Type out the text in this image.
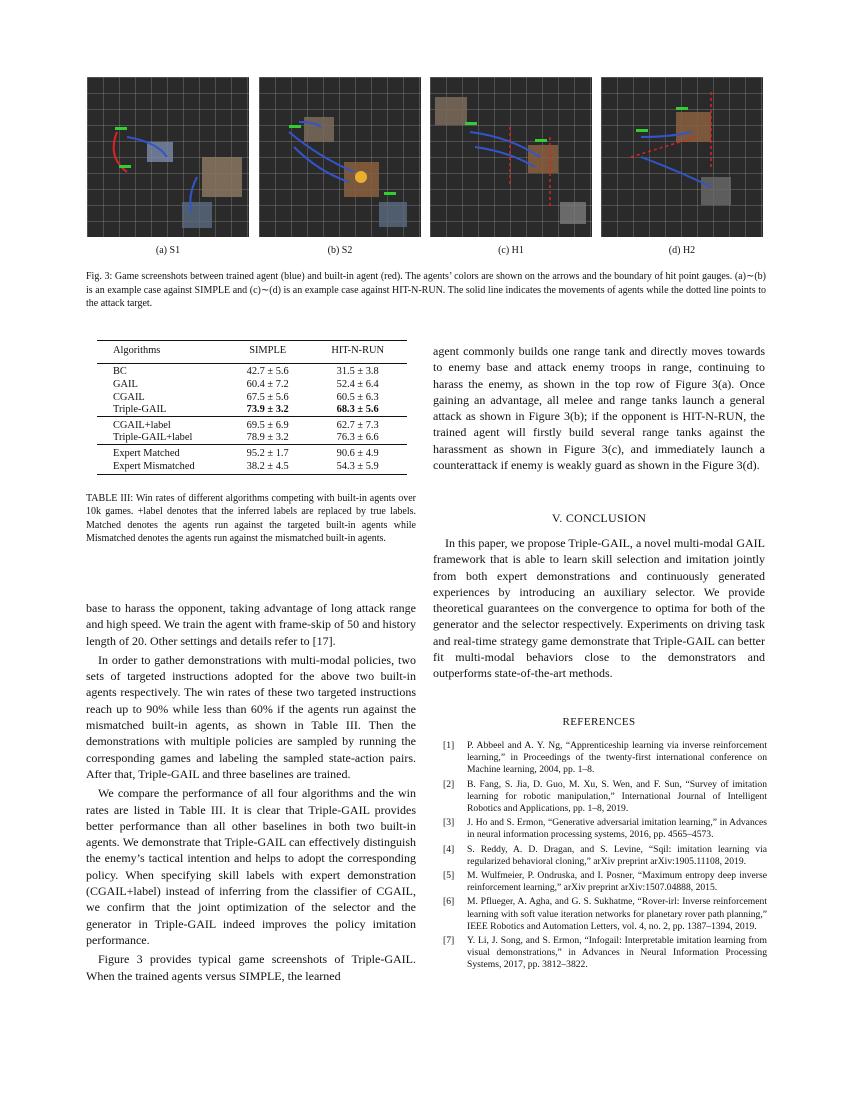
(a) S1	(b) S2	(c) H1	(d) H2
Fig. 3: Game screenshots between trained agent (blue) and built-in agent (red). The agents’ colors are shown on the arrows and the boundary of hit point gauges. (a)∼(b) is an example case against SIMPLE and (c)∼(d) is an example case against HIT-N-RUN. The solid line indicates the movements of agents while the dotted line points to the attack target.
Algorithms	SIMPLE	HIT-N-RUN
BC	42.7 ± 5.6	31.5 ± 3.8
GAIL	60.4 ± 7.2	52.4 ± 6.4
CGAIL	67.5 ± 5.6	60.5 ± 6.3
Triple-GAIL	73.9 ± 3.2	68.3 ± 5.6
CGAIL+label	69.5 ± 6.9	62.7 ± 7.3
Triple-GAIL+label	78.9 ± 3.2	76.3 ± 6.6
Expert Matched	95.2 ± 1.7	90.6 ± 4.9
Expert Mismatched	38.2 ± 4.5	54.3 ± 5.9
TABLE III: Win rates of different algorithms competing with built-in agents over 10k games. +label denotes that the inferred labels are replaced by true labels. Matched denotes the agents run against the targeted built-in agents while Mismatched denotes the agents run against the mismatched built-in agents.

base to harass the opponent, taking advantage of long attack range and high speed. We train the agent with frame-skip of 50 and history length of 20. Other settings and details refer to [17].

In order to gather demonstrations with multi-modal policies, two sets of targeted instructions adopted for the above two built-in agents respectively. The win rates of these two targeted instructions reach up to 90% while less than 60% if the agents run against the mismatched built-in agents, as shown in Table III. Then the demonstrations with multiple policies are sampled by running the corresponding games and labeling the sampled state-action pairs. After that, Triple-GAIL and three baselines are trained.

We compare the performance of all four algorithms and the win rates are listed in Table III. It is clear that Triple-GAIL provides better performance than all other baselines in both two built-in agents. We demonstrate that Triple-GAIL can effectively distinguish the enemy’s tactical intention and helps to adopt the corresponding policy. When specifying skill labels with expert demonstration (CGAIL+label) instead of inferring from the classifier of CGAIL, we confirm that the joint optimization of the selector and the generator in Triple-GAIL indeed improves the policy imitation performance.

Figure 3 provides typical game screenshots of Triple-GAIL. When the trained agents versus SIMPLE, the learned

agent commonly builds one range tank and directly moves towards to enemy base and attack enemy troops in range, continuing to harass the enemy, as shown in the top row of Figure 3(a). Once gaining an advantage, all melee and range tanks launch a general attack as shown in Figure 3(b); if the opponent is HIT-N-RUN, the trained agent will firstly build several range tanks against the harassment as shown in Figure 3(c), and immediately launch a counterattack if enemy is weakly guard as shown in the Figure 3(d).

V. CONCLUSION

In this paper, we propose Triple-GAIL, a novel multi-modal GAIL framework that is able to learn skill selection and imitation jointly from both expert demonstrations and continuously generated experiences by introducing an auxiliary selector. We provide theoretical guarantees on the convergence to optima for both of the generator and the selector respectively. Experiments on driving task and real-time strategy game demonstrate that Triple-GAIL can better fit multi-modal behaviors close to the demonstrators and outperforms state-of-the-art methods.

REFERENCES
[1]	P. Abbeel and A. Y. Ng, “Apprenticeship learning via inverse reinforcement learning,” in Proceedings of the twenty-first international conference on Machine learning, 2004, pp. 1–8.
[2]	B. Fang, S. Jia, D. Guo, M. Xu, S. Wen, and F. Sun, “Survey of imitation learning for robotic manipulation,” International Journal of Intelligent Robotics and Applications, pp. 1–8, 2019.
[3]	J. Ho and S. Ermon, “Generative adversarial imitation learning,” in Advances in neural information processing systems, 2016, pp. 4565–4573.
[4]	S. Reddy, A. D. Dragan, and S. Levine, “Sqil: imitation learning via regularized behavioral cloning,” arXiv preprint arXiv:1905.11108, 2019.
[5]	M. Wulfmeier, P. Ondruska, and I. Posner, “Maximum entropy deep inverse reinforcement learning,” arXiv preprint arXiv:1507.04888, 2015.
[6]	M. Pflueger, A. Agha, and G. S. Sukhatme, “Rover-irl: Inverse reinforcement learning with soft value iteration networks for planetary rover path planning,” IEEE Robotics and Automation Letters, vol. 4, no. 2, pp. 1387–1394, 2019.
[7]	Y. Li, J. Song, and S. Ermon, “Infogail: Interpretable imitation learning from visual demonstrations,” in Advances in Neural Information Processing Systems, 2017, pp. 3812–3822.
